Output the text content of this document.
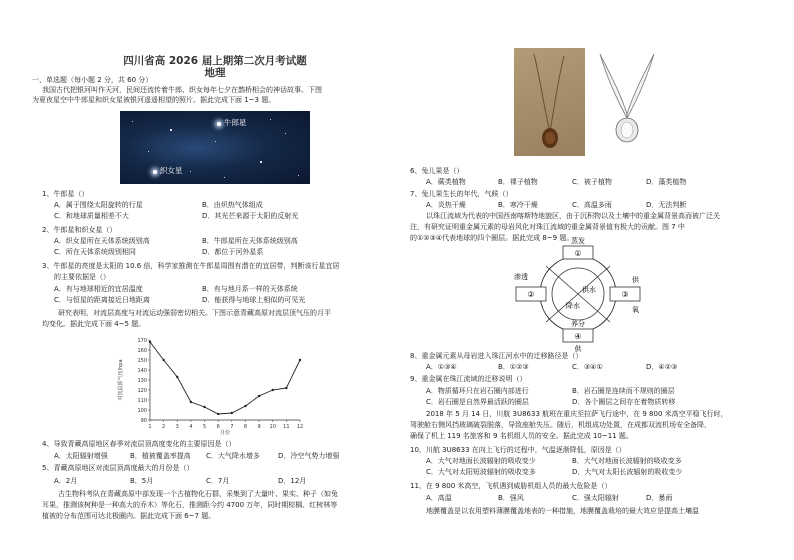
四川省高 2026 届上期第二次月考试题
地理
一、单选题（每小题 2 分，共 60 分）
我国古代把银河叫作天河，民间还流传着牛郎、织女每年七夕在鹊桥相会的神话故事。下图
为夏夜星空中牛郎星和织女星被银河遥遥相望的照片。据此完成下面 1~3 题。
牛郎星
织女星
1、牛郎星（）
A．属于围绕太阳旋转的行星	B．由炽热气体组成
C．和地球质量相差不大	D．其光芒来源于太阳的反射光
2、牛郎星和织女星（）
A．织女星所在天体系统级别高	B．牛郎星所在天体系统级别高
C．所在天体系统级别相同	D．都位于河外星系
3、牛郎星的亮度是太阳的 10.6 倍，科学家推测在牛郎星周围有潜在的宜居带，判断该行星宜居
的主要依据是（）
A．有与地球相近的宜居温度	B．有与地月系一样的天体系统
C．与恒星的距离接近日地距离	D．能获得与地球上相似的可见光
研究表明，对流层高度与对流运动强弱密切相关。下图示意青藏高原对流层顶气压的月平
均变化。据此完成下面 4~5 题。
90
100
110
120
130
140
150
160
170
1 2 3 4 5 6 7 8 9 10 11 12
月份
对流层顶气压/hpa
4、导致青藏高原地区春季对流层顶高度变化的主要原因是（）
A．太阳辐射增强	B．植被覆盖率提高 C．大气降水增多	D．冷空气势力增强
5、青藏高原地区对流层顶高度最大的月份是（）
A．2月	B．5月	C．7月	D．12月
古生物科考队在青藏高原中部发现一个古植物化石群，采集到了大量叶、果实、种子（如兔
耳果，推测该树种是一种高大的乔木）等化石，推测距今约 4700 万年，同时期棕榈、红树林等
植被的分布范围可达北极圈内。据此完成下面 6~7 题。
6、兔儿果是（）
A．蕨类植物	B．裸子植物	C．被子植物	D．藻类植物
7、兔儿果生长的年代，气候（）
A．炎热干燥	B．寒冷干燥	C．高温多雨	D．无法判断
以珠江流域为代表的中国西南喀斯特地貌区，由于沉积物以及土壤中的重金属背景高而被广泛关
注，有研究证明重金属元素的母岩风化对珠江流域的重金属背景值有极大的贡献。图 7 中
的①②③④代表地球的四个圈层。据此完成 8~9 题。
蒸发
渗透	供
氧
降水
供水
养分
供
①
②	③
④
8、重金属元素从母岩进入珠江河水中的迁移路径是（）
A．①③④	B．①②③	C．③④①	D．④②③
9、重金属在珠江流域的迁移说明（）
A．物质循环只在岩石圈内部进行	B．岩石圈是连续而不规则的圈层
C．岩石圈是自然界最活跃的圈层	D．各个圈层之间存在着物质转移
2018 年 5 月 14 日，川航 3U8633 航班在重庆至拉萨飞行途中，在 9 800 米高空平稳飞行时，
驾驶舱右侧风挡玻璃破裂脱落，导致座舱失压。随后，机组成功处置，在成都双流机场安全备降，
确保了机上 119 名旅客和 9 名机组人员的安全。据此完成 10~11 题。
10、川航 3U8633 在向上飞行的过程中，气温逐渐降低，原因是（）
A．大气对地面长波辐射的吸收变少	B．大气对地面长波辐射的吸收变多
C．大气对太阳短波辐射的吸收变多	D．大气对太阳长波辐射的吸收变少
11、在 9 800 米高空，飞机遇到威胁机组人员的最大危险是（）
A．高温	B．强风	C．强太阳辐射	D．暴雨
地膜覆盖是以农用塑料薄膜覆盖地表的一种措施，地膜覆盖栽培的最大效应是提高土壤温
